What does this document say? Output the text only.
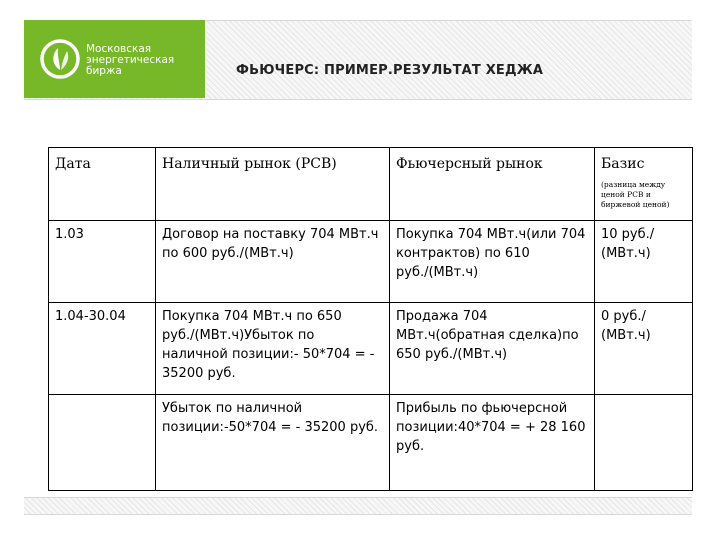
Московская
энергетическая
биржа	ФЬЮЧЕРС: ПРИМЕР.РЕЗУЛЬТАТ ХЕДЖА
Дата	Наличный рынок (РСВ)	Фьючерсный рынок	Базис
(разница между ценой РСВ и биржевой ценой)

1.03	Договор на поставку 704 МВт.ч по 600 руб./(МВт.ч)	Покупка 704 МВт.ч(или 704 контрактов) по 610 руб./(МВт.ч)	10 руб./ (МВт.ч)
1.04-30.04	Покупка 704 МВт.ч по 650 руб./(МВт.ч)Убыток по наличной позиции:- 50*704 = - 35200 руб.	Продажа 704 МВт.ч(обратная сделка)по 650 руб./(МВт.ч)	0 руб./ (МВт.ч)
	Убыток по наличной позиции:-50*704 = - 35200 руб.	Прибыль по фьючерсной позиции:40*704 = + 28 160 руб.	
